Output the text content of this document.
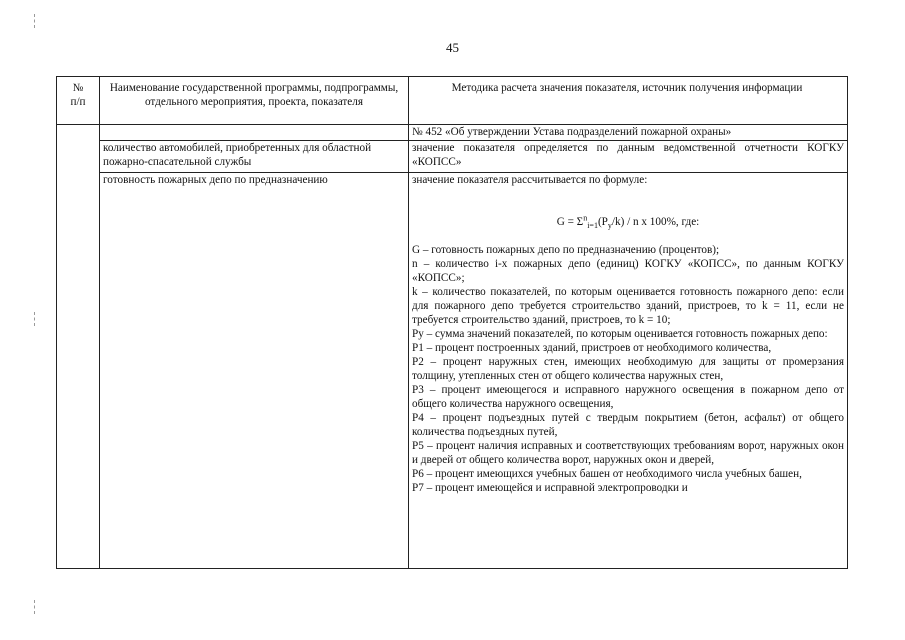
45
№
п/п
Наименование государственной программы, подпрограммы, отдельного мероприятия, проекта, показателя
Методика расчета значения показателя, источник получения информации
№ 452 «Об утверждении Устава подразделений пожарной охраны»
количество автомобилей, приобретенных для областной пожарно-спасательной службы
значение показателя определяется по данным ведомственной отчетности КОГКУ «КОПСС»
готовность пожарных депо по предназначению	значение показателя рассчитывается по формуле:

$G = \Sigma^n_{i=1}(P_y/k) / n$ x 100%, где:

G – готовность пожарных депо по предназначению (процентов);

n – количество i-х пожарных депо (единиц) КОГКУ «КОПСС», по данным КОГКУ «КОПСС»;

k – количество показателей, по которым оценивается готовность пожарного депо: если для пожарного депо требуется строительство зданий, пристроев, то k = 11, если не требуется строительство зданий, пристроев, то k = 10;

Pу – сумма значений показателей, по которым оценивается готовность пожарных депо:

P1 – процент построенных зданий, пристроев от необходимого количества,

P2 – процент наружных стен, имеющих необходимую для защиты от промерзания толщину, утепленных стен от общего количества наружных стен,

P3 – процент имеющегося и исправного наружного освещения в пожарном депо от общего количества наружного освещения,

P4 – процент подъездных путей с твердым покрытием (бетон, асфальт) от общего количества подъездных путей,

P5 – процент наличия исправных и соответствующих требованиям ворот, наружных окон и дверей от общего количества ворот, наружных окон и дверей,

P6 – процент имеющихся учебных башен от необходимого числа учебных башен,

P7 – процент имеющейся и исправной электропроводки и
